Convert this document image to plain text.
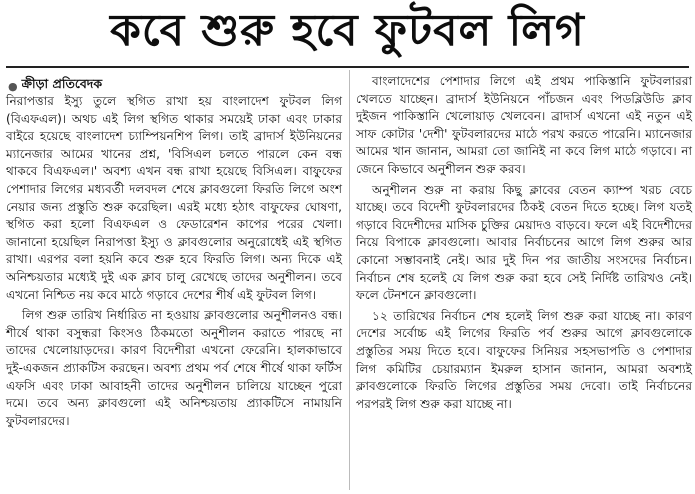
কবে শুরু হবে ফুটবল লিগ
● ক্রীড়া প্রতিবেদক

নিরাপত্তার ইস্যু তুলে স্থগিত রাখা হয় বাংলাদেশ ফুটবল লিগ (বিএফএল)। অথচ এই লিগ স্থগিত থাকার সময়েই ঢাকা এবং ঢাকার বাইরে হয়েছে বাংলাদেশ চ্যাম্পিয়নশিপ লিগ। তাই ব্রাদার্স ইউনিয়নের ম্যানেজার আমের খানের প্রশ্ন, 'বিসিএল চলতে পারলে কেন বন্ধ থাকবে বিএফএল।' অবশ্য এখন বন্ধ রাখা হয়েছে বিসিএল। বাফুফের পেশাদার লিগের মধ্যবর্তী দলবদল শেষে ক্লাবগুলো ফিরতি লিগে অংশ নেয়ার জন্য প্রস্তুতি শুরু করেছিল। এরই মধ্যে হঠাৎ বাফুফের ঘোষণা, স্থগিত করা হলো বিএফএল ও ফেডারেশন কাপের পরের খেলা। জানানো হয়েছিল নিরাপত্তা ইস্যু ও ক্লাবগুলোর অনুরোধেই এই স্থগিত রাখা। এরপর বলা হয়নি কবে শুরু হবে ফিরতি লিগ। অন্য দিকে এই অনিশ্চয়তার মধ্যেই দুই এক ক্লাব চালু রেখেছে তাদের অনুশীলন। তবে এখনো নিশ্চিত নয় কবে মাঠে গড়াবে দেশের শীর্ষ এই ফুটবল লিগ।

লিগ শুরু তারিখ নির্ধারিত না হওয়ায় ক্লাবগুলোর অনুশীলনও বন্ধ। শীর্ষে থাকা বসুন্ধরা কিংসও ঠিকমতো অনুশীলন করাতে পারছে না তাদের খেলোয়াড়দের। কারণ বিদেশীরা এখনো ফেরেনি। হালকাভাবে দুই-একজন প্র্যাকটিস করছেন। অবশ্য প্রথম পর্ব শেষে শীর্ষে থাকা ফর্টিস এফসি এবং ঢাকা আবাহনী তাদের অনুশীলন চালিয়ে যাচ্ছেন পুরো দমে। তবে অন্য ক্লাবগুলো এই অনিশ্চয়তায় প্র্যাকটিসে নামায়নি ফুটবলারদের।

বাংলাদেশের পেশাদার লিগে এই প্রথম পাকিস্তানি ফুটবলাররা খেলতে যাচ্ছেন। ব্রাদার্স ইউনিয়নে পাঁচজন এবং পিডব্লিউডি ক্লাব দুইজন পাকিস্তানি খেলোয়াড় খেলবেন। ব্রাদার্স এখনো এই নতুন এই সাফ কোটার 'দেশী' ফুটবলারদের মাঠে পরখ করতে পারেনি। ম্যানেজার আমের খান জানান, আমরা তো জানিই না কবে লিগ মাঠে গড়াবে। না জেনে কিভাবে অনুশীলন শুরু করব।

অনুশীলন শুরু না করায় কিছু ক্লাবের বেতন ক্যাম্প খরচ বেচে যাচ্ছে। তবে বিদেশী ফুটবলারদের ঠিকই বেতন দিতে হচ্ছে। লিগ যতই গড়াবে বিদেশীদের মাসিক চুক্তির মেয়াদও বাড়বে। ফলে এই বিদেশীদের নিয়ে বিপাকে ক্লাবগুলো। আবার নির্বাচনের আগে লিগ শুরুর আর কোনো সম্ভাবনাই নেই। আর দুই দিন পর জাতীয় সংসদের নির্বাচন। নির্বাচন শেষ হলেই যে লিগ শুরু করা হবে সেই নির্দিষ্ট তারিখও নেই। ফলে টেনশনে ক্লাবগুলো।

১২ তারিখের নির্বাচন শেষ হলেই লিগ শুরু করা যাচ্ছে না। কারণ দেশের সর্বোচ্চ এই লিগের ফিরতি পর্ব শুরুর আগে ক্লাবগুলোকে প্রস্তুতির সময় দিতে হবে। বাফুফের সিনিয়র সহসভাপতি ও পেশাদার লিগ কমিটির চেয়ারম্যান ইমরুল হাসান জানান, আমরা অবশ্যই ক্লাবগুলোকে ফিরতি লিগের প্রস্তুতির সময় দেবো। তাই নির্বাচনের পরপরই লিগ শুরু করা যাচ্ছে না।
